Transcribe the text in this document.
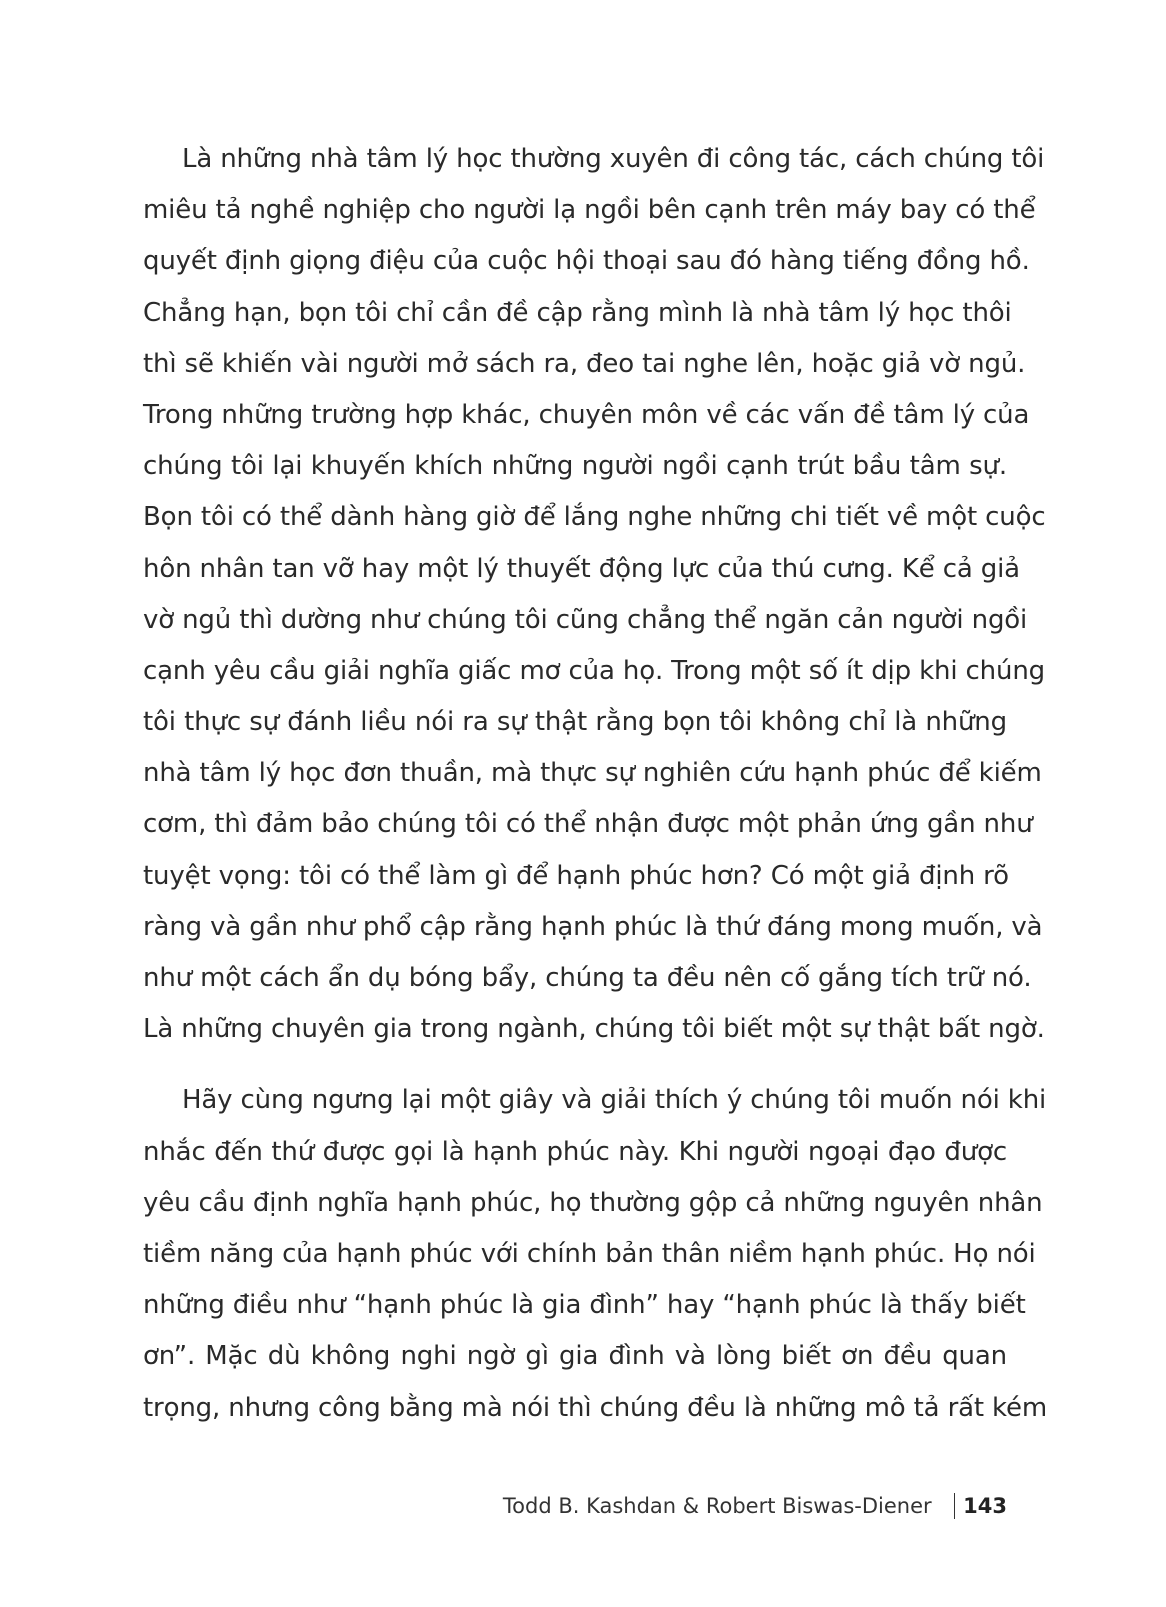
Là những nhà tâm lý học thường xuyên đi công tác, cách chúng tôi
miêu tả nghề nghiệp cho người lạ ngồi bên cạnh trên máy bay có thể
quyết định giọng điệu của cuộc hội thoại sau đó hàng tiếng đồng hồ.
Chẳng hạn, bọn tôi chỉ cần đề cập rằng mình là nhà tâm lý học thôi
thì sẽ khiến vài người mở sách ra, đeo tai nghe lên, hoặc giả vờ ngủ.
Trong những trường hợp khác, chuyên môn về các vấn đề tâm lý của
chúng tôi lại khuyến khích những người ngồi cạnh trút bầu tâm sự.
Bọn tôi có thể dành hàng giờ để lắng nghe những chi tiết về một cuộc
hôn nhân tan vỡ hay một lý thuyết động lực của thú cưng. Kể cả giả
vờ ngủ thì dường như chúng tôi cũng chẳng thể ngăn cản người ngồi
cạnh yêu cầu giải nghĩa giấc mơ của họ. Trong một số ít dịp khi chúng
tôi thực sự đánh liều nói ra sự thật rằng bọn tôi không chỉ là những
nhà tâm lý học đơn thuần, mà thực sự nghiên cứu hạnh phúc để kiếm
cơm, thì đảm bảo chúng tôi có thể nhận được một phản ứng gần như
tuyệt vọng: tôi có thể làm gì để hạnh phúc hơn? Có một giả định rõ
ràng và gần như phổ cập rằng hạnh phúc là thứ đáng mong muốn, và
như một cách ẩn dụ bóng bẩy, chúng ta đều nên cố gắng tích trữ nó.
Là những chuyên gia trong ngành, chúng tôi biết một sự thật bất ngờ.

Hãy cùng ngưng lại một giây và giải thích ý chúng tôi muốn nói khi
nhắc đến thứ được gọi là hạnh phúc này. Khi người ngoại đạo được
yêu cầu định nghĩa hạnh phúc, họ thường gộp cả những nguyên nhân
tiềm năng của hạnh phúc với chính bản thân niềm hạnh phúc. Họ nói
những điều như “hạnh phúc là gia đình” hay “hạnh phúc là thấy biết
ơn”. Mặc dù không nghi ngờ gì gia đình và lòng biết ơn đều quan
trọng, nhưng công bằng mà nói thì chúng đều là những mô tả rất kém

Todd B. Kashdan & Robert Biswas-Diener 143
